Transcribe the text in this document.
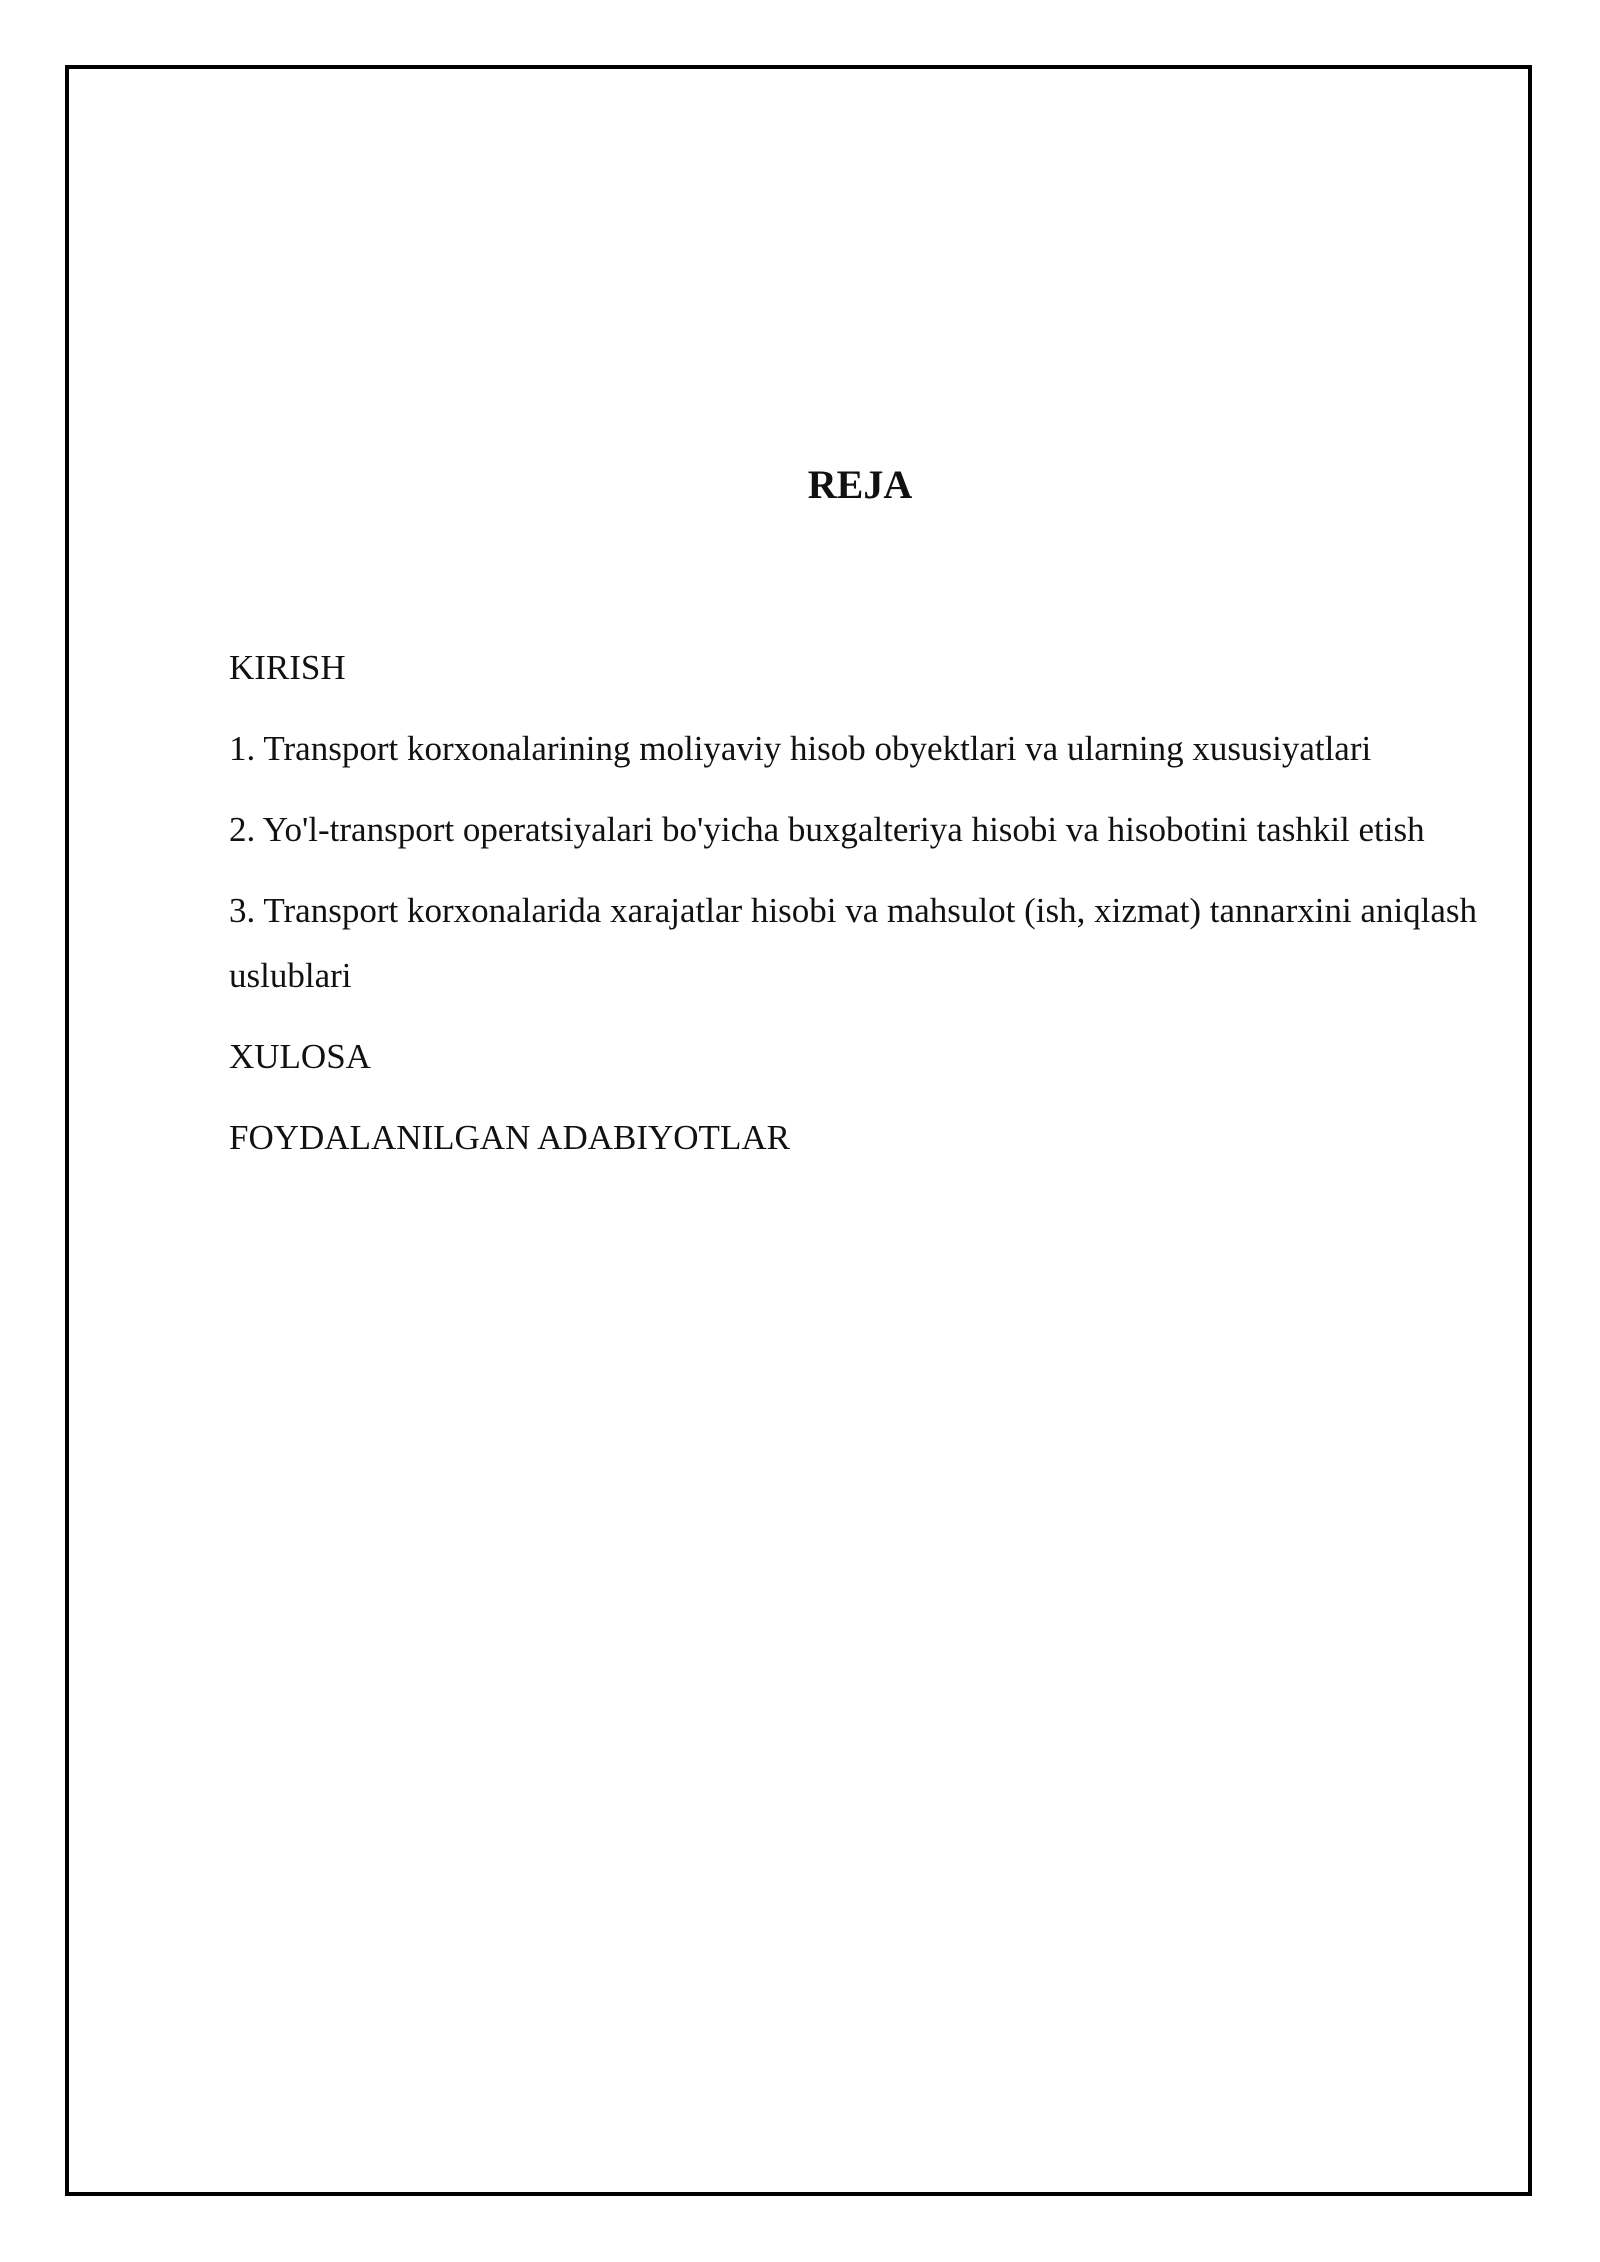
REJA

KIRISH

1. Transport korxonalarining moliyaviy hisob obyektlari va ularning xususiyatlari

2. Yo'l-transport operatsiyalari bo'yicha buxgalteriya hisobi va hisobotini tashkil etish

3. Transport korxonalarida xarajatlar hisobi va mahsulot (ish, xizmat) tannarxini aniqlash uslublari

XULOSA

FOYDALANILGAN ADABIYOTLAR
